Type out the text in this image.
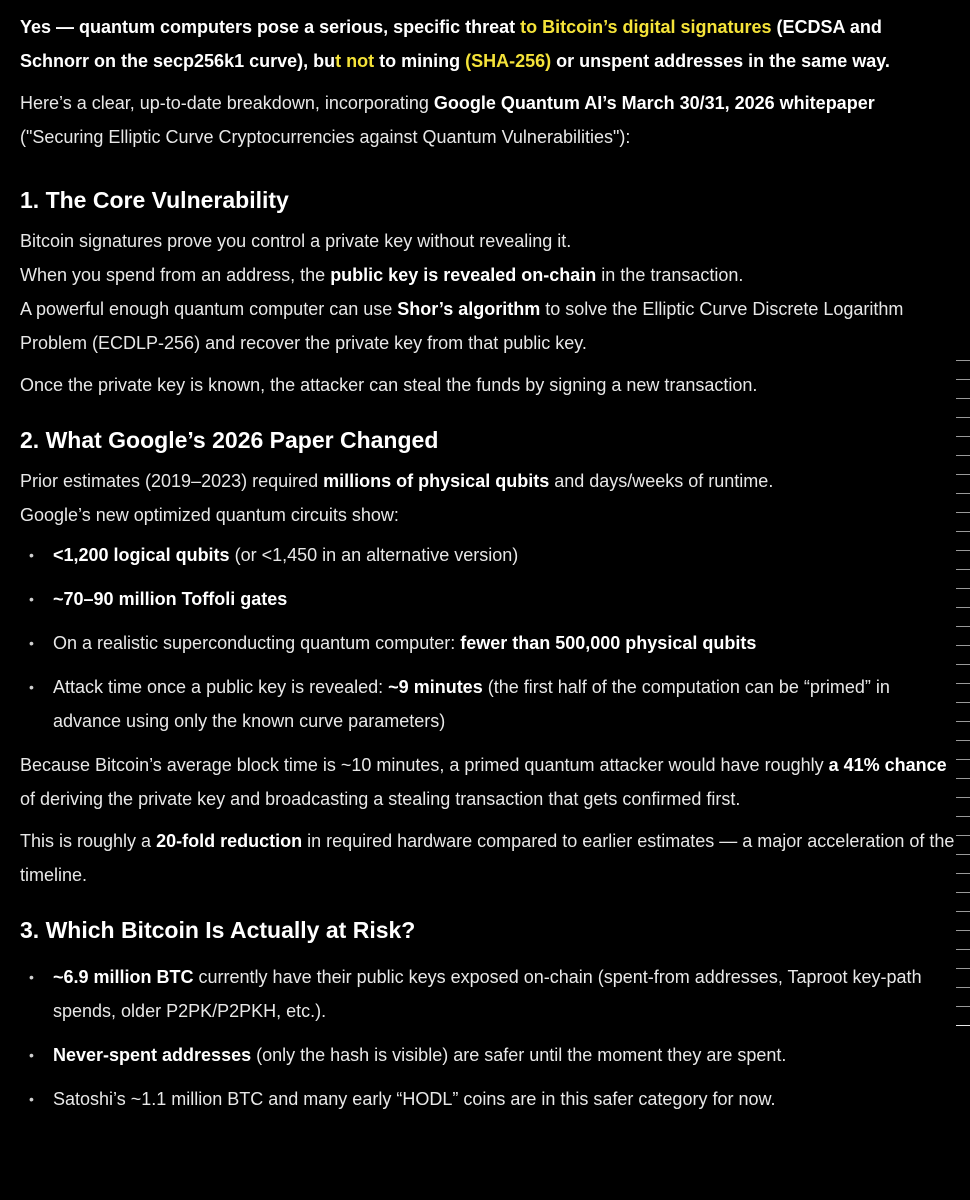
Yes — quantum computers pose a serious, specific threat to Bitcoin’s digital signatures (ECDSA and Schnorr on the secp256k1 curve), but not to mining (SHA-256) or unspent addresses in the same way.

Here’s a clear, up-to-date breakdown, incorporating Google Quantum AI’s March 30/31, 2026 whitepaper ("Securing Elliptic Curve Cryptocurrencies against Quantum Vulnerabilities"):

1. The Core Vulnerability

Bitcoin signatures prove you control a private key without revealing it.
When you spend from an address, the public key is revealed on-chain in the transaction.
A powerful enough quantum computer can use Shor’s algorithm to solve the Elliptic Curve Discrete Logarithm Problem (ECDLP-256) and recover the private key from that public key.

Once the private key is known, the attacker can steal the funds by signing a new transaction.

2. What Google’s 2026 Paper Changed

Prior estimates (2019–2023) required millions of physical qubits and days/weeks of runtime.
Google’s new optimized quantum circuits show:

• <1,200 logical qubits (or <1,450 in an alternative version)
• ~70–90 million Toffoli gates
• On a realistic superconducting quantum computer: fewer than 500,000 physical qubits
• Attack time once a public key is revealed: ~9 minutes (the first half of the computation can be “primed” in advance using only the known curve parameters)

Because Bitcoin’s average block time is ~10 minutes, a primed quantum attacker would have roughly a 41% chance of deriving the private key and broadcasting a stealing transaction that gets confirmed first.

This is roughly a 20-fold reduction in required hardware compared to earlier estimates — a major acceleration of the timeline.

3. Which Bitcoin Is Actually at Risk?
• ~6.9 million BTC currently have their public keys exposed on-chain (spent-from addresses, Taproot key-path spends, older P2PK/P2PKH, etc.).
• Never-spent addresses (only the hash is visible) are safer until the moment they are spent.
• Satoshi’s ~1.1 million BTC and many early “HODL” coins are in this safer category for now.
